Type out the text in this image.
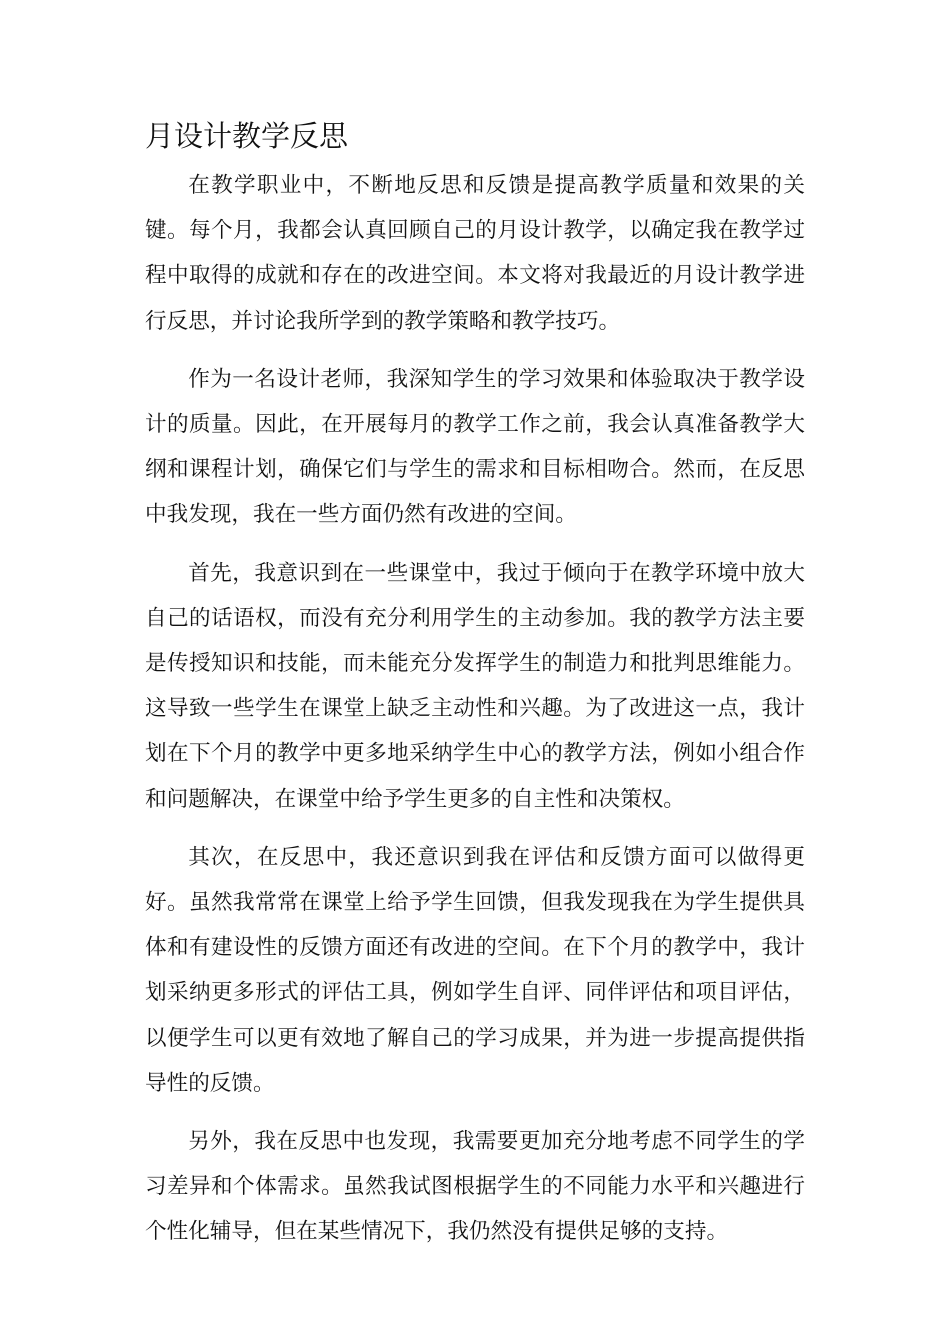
月设计教学反思

在教学职业中，不断地反思和反馈是提高教学质量和效果的关键。每个月，我都会认真回顾自己的月设计教学，以确定我在教学过程中取得的成就和存在的改进空间。本文将对我最近的月设计教学进行反思，并讨论我所学到的教学策略和教学技巧。

作为一名设计老师，我深知学生的学习效果和体验取决于教学设计的质量。因此，在开展每月的教学工作之前，我会认真准备教学大纲和课程计划，确保它们与学生的需求和目标相吻合。然而，在反思中我发现，我在一些方面仍然有改进的空间。

首先，我意识到在一些课堂中，我过于倾向于在教学环境中放大自己的话语权，而没有充分利用学生的主动参加。我的教学方法主要是传授知识和技能，而未能充分发挥学生的制造力和批判思维能力。这导致一些学生在课堂上缺乏主动性和兴趣。为了改进这一点，我计划在下个月的教学中更多地采纳学生中心的教学方法，例如小组合作和问题解决，在课堂中给予学生更多的自主性和决策权。

其次，在反思中，我还意识到我在评估和反馈方面可以做得更好。虽然我常常在课堂上给予学生回馈，但我发现我在为学生提供具体和有建设性的反馈方面还有改进的空间。在下个月的教学中，我计划采纳更多形式的评估工具，例如学生自评、同伴评估和项目评估，以便学生可以更有效地了解自己的学习成果，并为进一步提高提供指导性的反馈。

另外，我在反思中也发现，我需要更加充分地考虑不同学生的学习差异和个体需求。虽然我试图根据学生的不同能力水平和兴趣进行个性化辅导，但在某些情况下，我仍然没有提供足够的支持。
